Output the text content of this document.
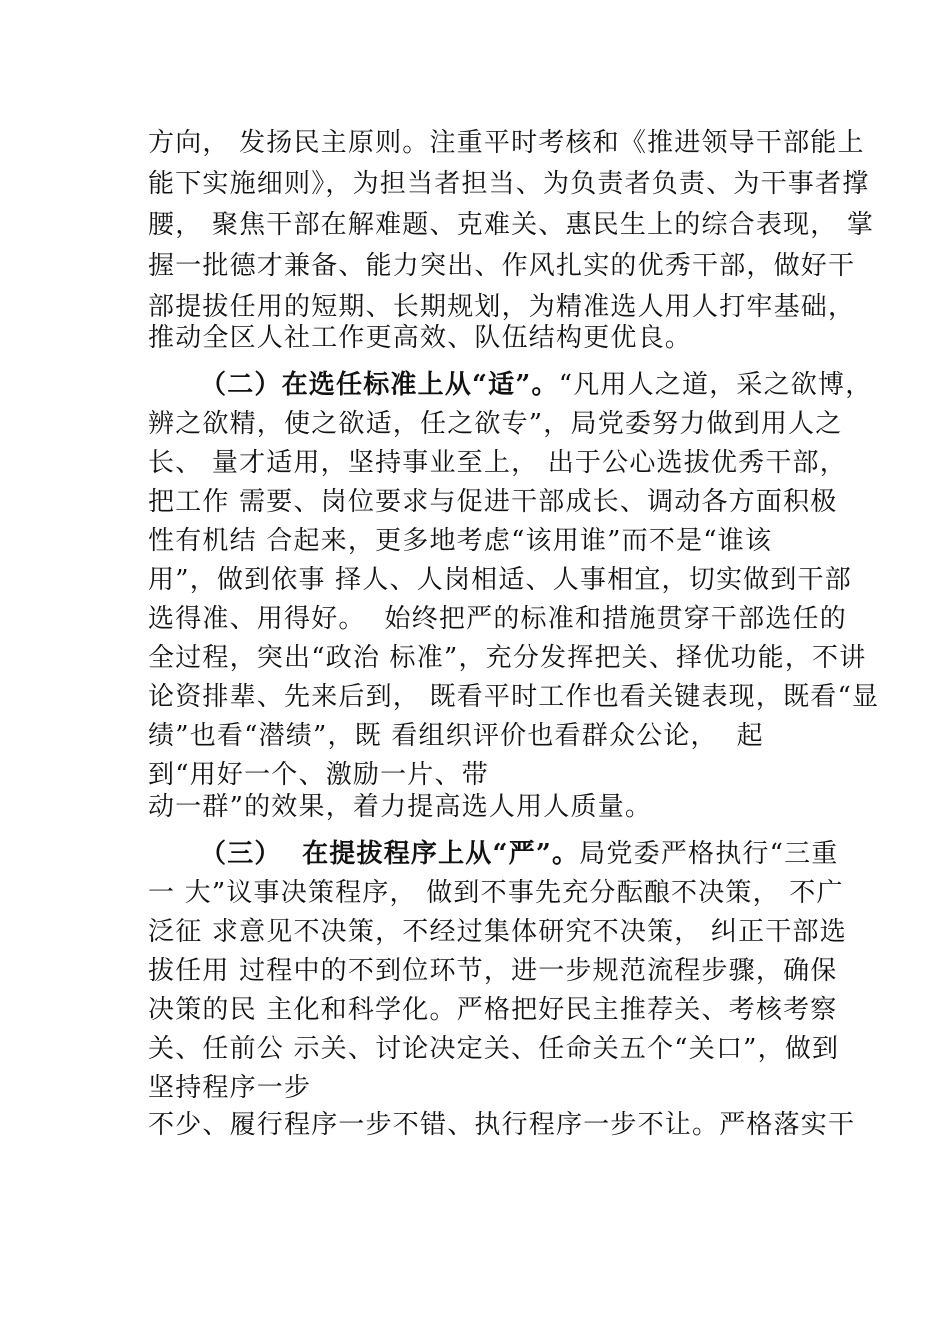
方向， 发扬民主原则。注重平时考核和《推进领导干部能上
能下实施细则》，为担当者担当、为负责者负责、为干事者撑
腰， 聚焦干部在解难题、克难关、惠民生上的综合表现， 掌
握一批德才兼备、能力突出、作风扎实的优秀干部，做好干
部提拔任用的短期、长期规划，为精准选人用人打牢基础，
推动全区人社工作更高效、队伍结构更优良。
（二）在选任标准上从“适”。“凡用人之道，采之欲博，
辨之欲精，使之欲适，任之欲专”，局党委努力做到用人之
长、 量才适用，坚持事业至上， 出于公心选拔优秀干部，
把工作 需要、岗位要求与促进干部成长、调动各方面积极
性有机结 合起来，更多地考虑“该用谁”而不是“谁该
用”，做到依事 择人、人岗相适、人事相宜，切实做到干部
选得准、用得好。  始终把严的标准和措施贯穿干部选任的
全过程，突出“政治 标准”，充分发挥把关、择优功能，不讲
论资排辈、先来后到， 既看平时工作也看关键表现，既看“显
绩”也看“潜绩”，既 看组织评价也看群众公论，  起
到“用好一个、激励一片、带
动一群”的效果，着力提高选人用人质量。
（三）  在提拔程序上从“严”。局党委严格执行“三重
一 大”议事决策程序， 做到不事先充分酝酿不决策， 不广
泛征 求意见不决策，不经过集体研究不决策， 纠正干部选
拔任用 过程中的不到位环节，进一步规范流程步骤，确保
决策的民 主化和科学化。严格把好民主推荐关、考核考察
关、任前公 示关、讨论决定关、任命关五个“关口”，做到
坚持程序一步
不少、履行程序一步不错、执行程序一步不让。严格落实干
